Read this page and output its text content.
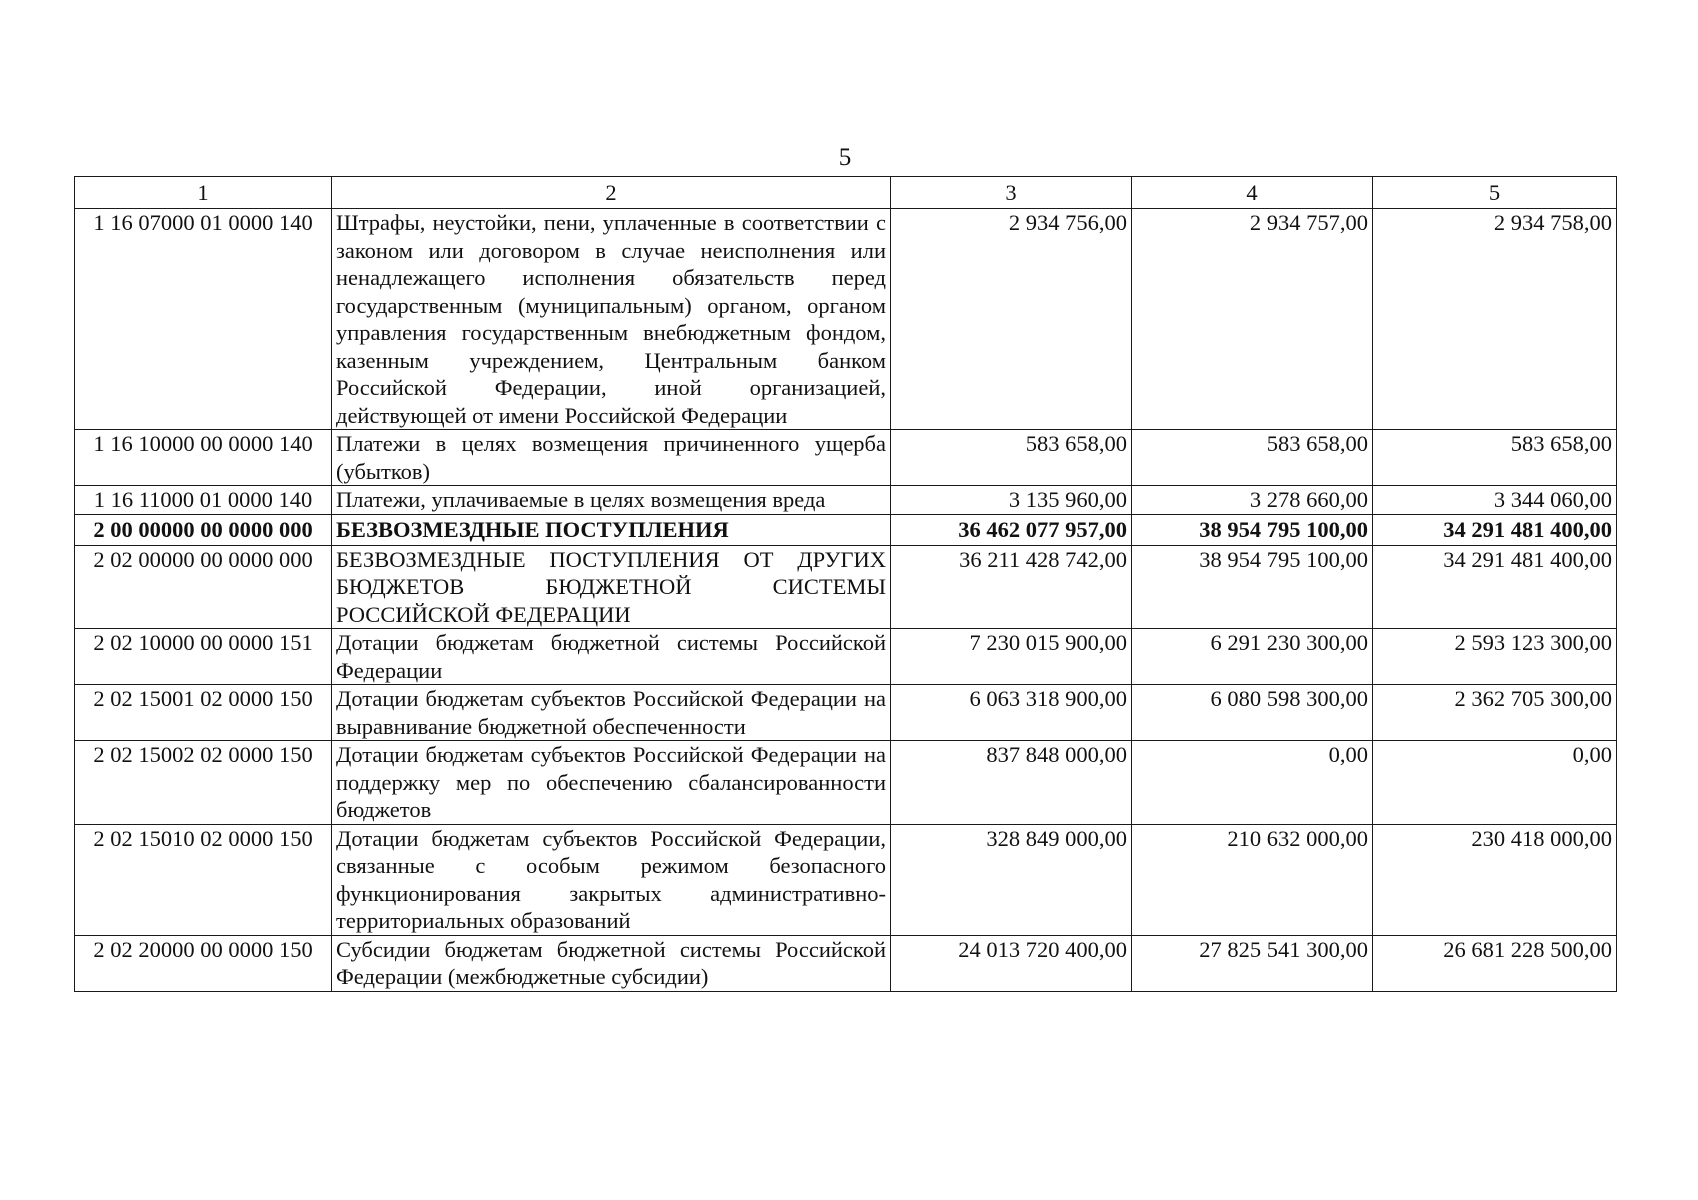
5
1	2	3	4	5
1 16 07000 01 0000 140	Штрафы, неустойки, пени, уплаченные в соответствии с законом или договором в случае неисполнения или ненадлежащего исполнения обязательств перед государственным (муниципальным) органом, органом управления государственным внебюджетным фондом, казенным учреждением, Центральным банком Российской Федерации, иной организацией, действующей от имени Российской Федерации	2 934 756,00	2 934 757,00	2 934 758,00
1 16 10000 00 0000 140	Платежи в целях возмещения причиненного ущерба (убытков)	583 658,00	583 658,00	583 658,00
1 16 11000 01 0000 140	Платежи, уплачиваемые в целях возмещения вреда	3 135 960,00	3 278 660,00	3 344 060,00
2 00 00000 00 0000 000	БЕЗВОЗМЕЗДНЫЕ ПОСТУПЛЕНИЯ	36 462 077 957,00	38 954 795 100,00	34 291 481 400,00
2 02 00000 00 0000 000	БЕЗВОЗМЕЗДНЫЕ ПОСТУПЛЕНИЯ ОТ ДРУГИХ БЮДЖЕТОВ БЮДЖЕТНОЙ СИСТЕМЫ РОССИЙСКОЙ ФЕДЕРАЦИИ	36 211 428 742,00	38 954 795 100,00	34 291 481 400,00
2 02 10000 00 0000 151	Дотации бюджетам бюджетной системы Российской Федерации	7 230 015 900,00	6 291 230 300,00	2 593 123 300,00
2 02 15001 02 0000 150	Дотации бюджетам субъектов Российской Федерации на выравнивание бюджетной обеспеченности	6 063 318 900,00	6 080 598 300,00	2 362 705 300,00
2 02 15002 02 0000 150	Дотации бюджетам субъектов Российской Федерации на поддержку мер по обеспечению сбалансированности бюджетов	837 848 000,00	0,00	0,00
2 02 15010 02 0000 150	Дотации бюджетам субъектов Российской Федерации, связанные с особым режимом безопасного функционирования закрытых административно-территориальных образований	328 849 000,00	210 632 000,00	230 418 000,00
2 02 20000 00 0000 150	Субсидии бюджетам бюджетной системы Российской Федерации (межбюджетные субсидии)	24 013 720 400,00	27 825 541 300,00	26 681 228 500,00
